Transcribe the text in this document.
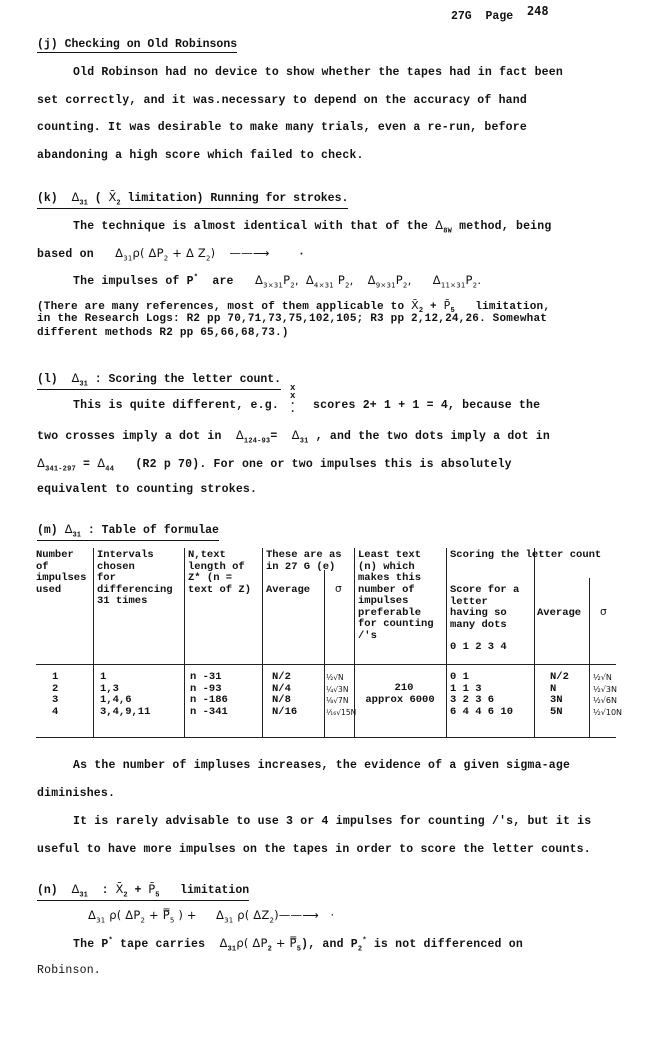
27G Page 248
(j) Checking on Old Robinsons
Old Robinson had no device to show whether the tapes had in fact been
set correctly, and it was.necessary to depend on the accuracy of hand
counting. It was desirable to make many trials, even a re-run, before
abandoning a high score which failed to check.
(k) $\Delta_{31}$ ( $X̄_2$ limitation) Running for strokes.
The technique is almost identical with that of the $\Delta_{8W}$ method, being
based on $\Delta_{31}\rho$( $\Delta P_2 + \Delta$ $Z_2$) ——⟶ ·
The impulses of P* are $\Delta_{3\times 31}P_2$, $\Delta_{4\times 31}$ $P_2$, $\Delta_{9\times 31}P_2$, $\Delta_{11\times 31}P_2$.
(There are many references, most of them applicable to $X̄_2$ + $P̄_5$ limitation,
in the Research Logs: R2 pp 70,71,73,75,102,105; R3 pp 2,12,24,26. Somewhat
different methods R2 pp 65,66,68,73.)
(l) $\Delta_{31}$ : Scoring the letter count.
This is quite different, e.g.
x
x
•
• scores 2+ 1 + 1 = 4, because the
two crosses imply a dot in $\Delta_{124-93}= \Delta_{31}$ , and the two dots imply a dot in
$\Delta_{341-297} = \Delta_{44}$ (R2 p 70). For one or two impulses this is absolutely
equivalent to counting strokes.
(m) $\Delta_{31}$ : Table of formulae
Number
of
impulses
used
Intervals
chosen
for
differencing
31 times
N,text
length of
Z* (n =
text of Z)
These are as
in 27 G (e)
Average σ
Least text
(n) which
makes this
number of
impulses
preferable
for counting
/'s
Scoring the letter count
Score for a
letter
having so
many dots
0 1 2 3 4
Average σ
1
2
3
4
1
1,3
1,4,6
3,4,9,11
n -31
n -93
n -186
n -341
N/2
N/4
N/8
N/16
½√N
¼√3N
⅛√7N
¹⁄₁₆√15N
210
approx 6000
0 1
1 1 3
3 2 3 6
6 4 4 6 10
N/2
N
3N
5N
½√N
½√3N
½√6N
½√10N
As the number of impluses increases, the evidence of a given sigma-age
diminishes.
It is rarely advisable to use 3 or 4 impulses for counting /'s, but it is
useful to have more impulses on the tapes in order to score the letter counts.
(n) $\Delta_{31}$ : $X̄_2$ + $P̄_5$ limitation
$\Delta_{31}$ ρ( $\Delta P_2$ + $P̿_5$ ) + $\Delta_{31}$ ρ( $\Delta Z_2)——⟶$ ·
The P* tape carries $\Delta_{31}\rho$( $\Delta P_2$ + $P̿_5$), and $P_2^*$ is not differenced on
Robinson.
